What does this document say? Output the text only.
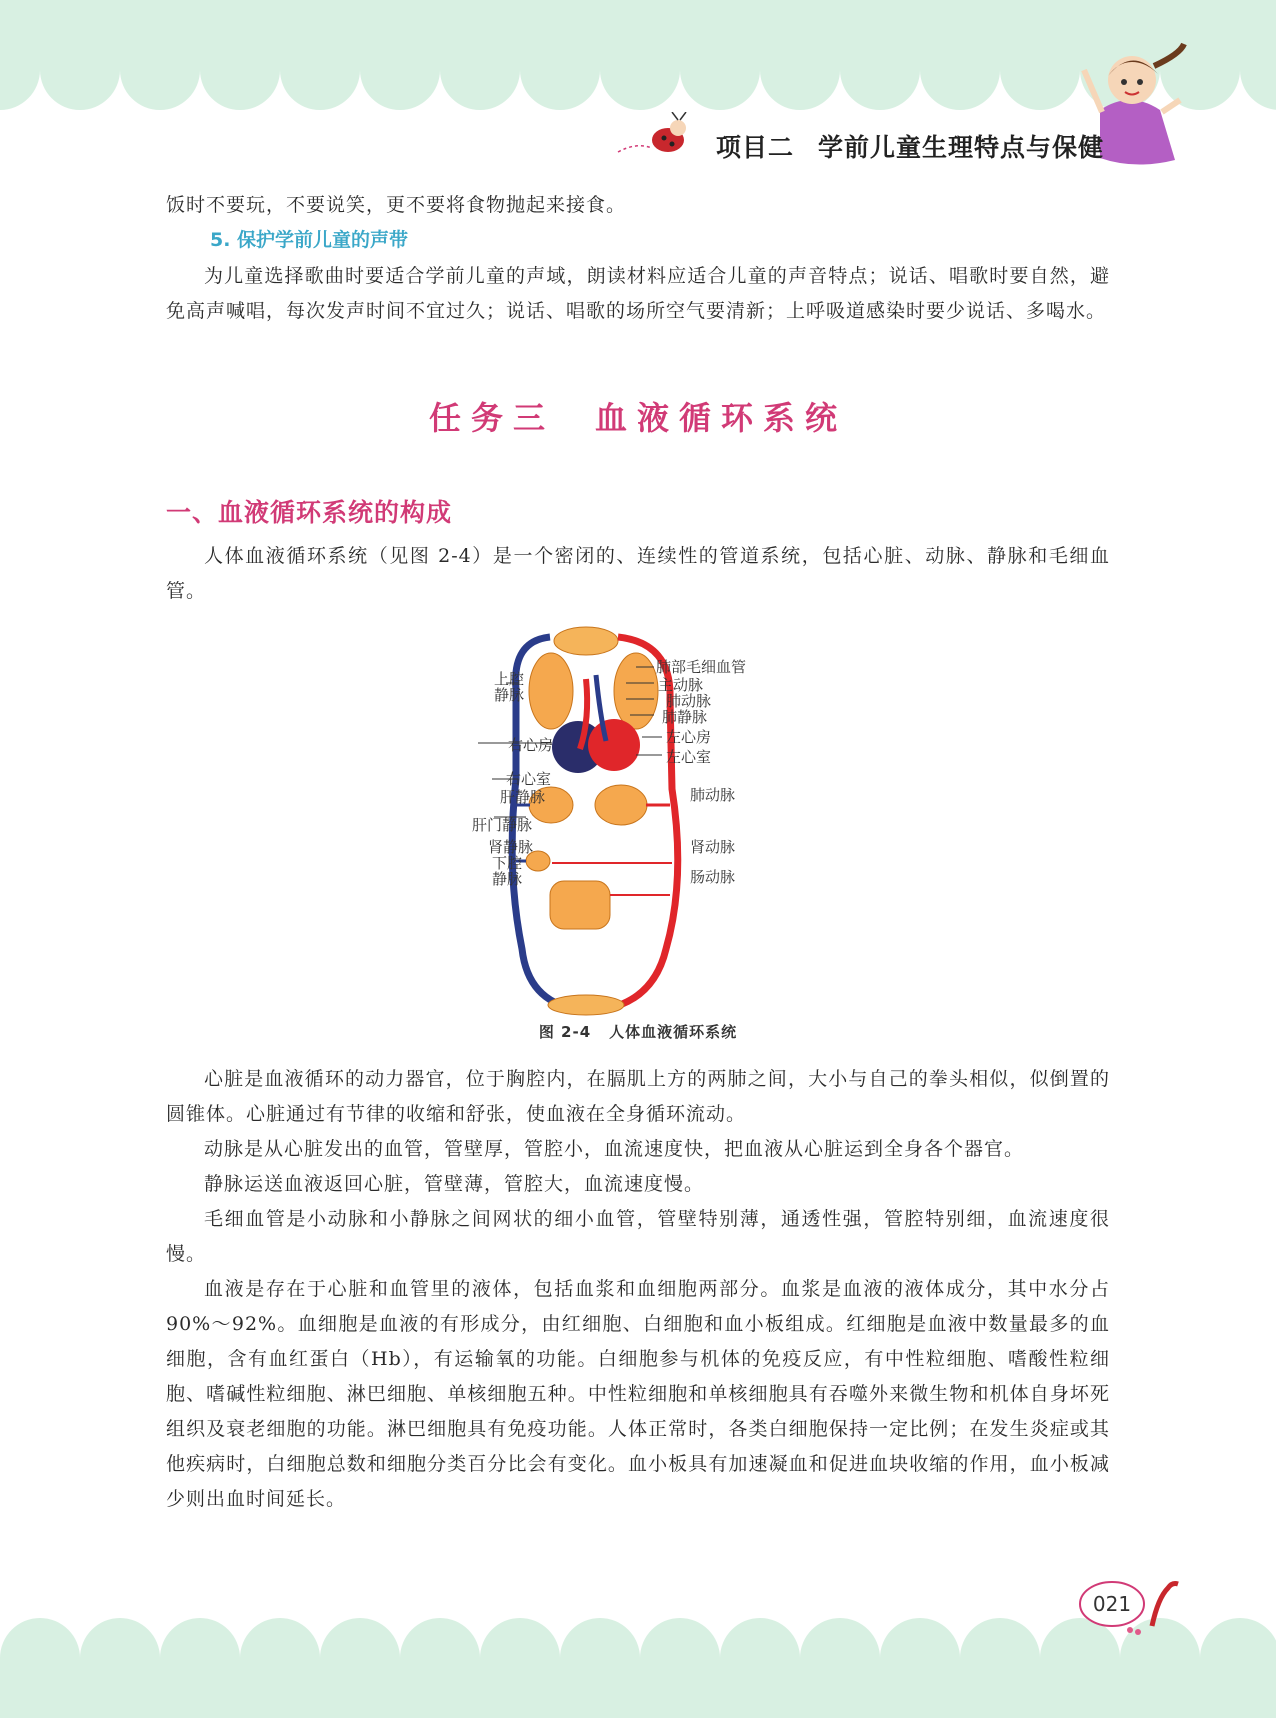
项目二 学前儿童生理特点与保健

饭时不要玩，不要说笑，更不要将食物抛起来接食。

5. 保护学前儿童的声带

为儿童选择歌曲时要适合学前儿童的声域，朗读材料应适合儿童的声音特点；说话、唱歌时要自然，避免高声喊唱，每次发声时间不宜过久；说话、唱歌的场所空气要清新；上呼吸道感染时要少说话、多喝水。

任务三 血液循环系统
一、血液循环系统的构成

人体血液循环系统（见图 2-4）是一个密闭的、连续性的管道系统，包括心脏、动脉、静脉和毛细血管。

上腔
静脉
右心房
右心室
肝静脉
肝门静脉
肾静脉
下腔
静脉
肺部毛细血管
主动脉
肺动脉
肺静脉
左心房
左心室
肺动脉
肾动脉
肠动脉
图 2-4 人体血液循环系统

心脏是血液循环的动力器官，位于胸腔内，在膈肌上方的两肺之间，大小与自己的拳头相似，似倒置的圆锥体。心脏通过有节律的收缩和舒张，使血液在全身循环流动。

动脉是从心脏发出的血管，管壁厚，管腔小，血流速度快，把血液从心脏运到全身各个器官。

静脉运送血液返回心脏，管壁薄，管腔大，血流速度慢。

毛细血管是小动脉和小静脉之间网状的细小血管，管壁特别薄，通透性强，管腔特别细，血流速度很慢。

血液是存在于心脏和血管里的液体，包括血浆和血细胞两部分。血浆是血液的液体成分，其中水分占 90%～92%。血细胞是血液的有形成分，由红细胞、白细胞和血小板组成。红细胞是血液中数量最多的血细胞，含有血红蛋白（Hb），有运输氧的功能。白细胞参与机体的免疫反应，有中性粒细胞、嗜酸性粒细胞、嗜碱性粒细胞、淋巴细胞、单核细胞五种。中性粒细胞和单核细胞具有吞噬外来微生物和机体自身坏死组织及衰老细胞的功能。淋巴细胞具有免疫功能。人体正常时，各类白细胞保持一定比例；在发生炎症或其他疾病时，白细胞总数和细胞分类百分比会有变化。血小板具有加速凝血和促进血块收缩的作用，血小板减少则出血时间延长。

021
